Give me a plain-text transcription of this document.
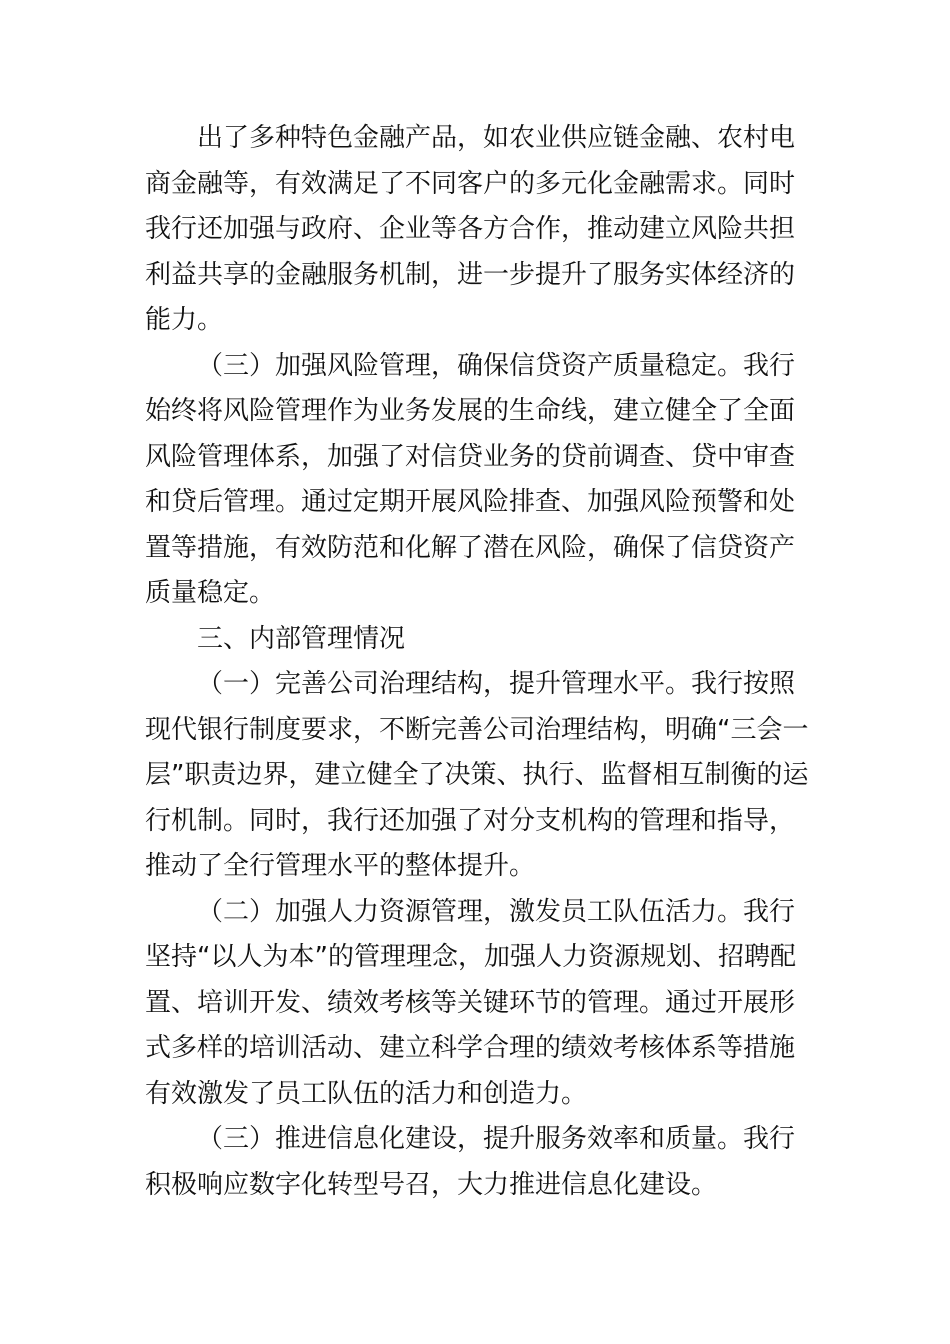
出了多种特色金融产品，如农业供应链金融、农村电
商金融等，有效满足了不同客户的多元化金融需求。同时
我行还加强与政府、企业等各方合作，推动建立风险共担
利益共享的金融服务机制，进一步提升了服务实体经济的
能力。
（三）加强风险管理，确保信贷资产质量稳定。我行
始终将风险管理作为业务发展的生命线，建立健全了全面
风险管理体系，加强了对信贷业务的贷前调查、贷中审查
和贷后管理。通过定期开展风险排查、加强风险预警和处
置等措施，有效防范和化解了潜在风险，确保了信贷资产
质量稳定。
三、内部管理情况
（一）完善公司治理结构，提升管理水平。我行按照
现代银行制度要求，不断完善公司治理结构，明确“三会一
层”职责边界，建立健全了决策、执行、监督相互制衡的运
行机制。同时，我行还加强了对分支机构的管理和指导，
推动了全行管理水平的整体提升。
（二）加强人力资源管理，激发员工队伍活力。我行
坚持“以人为本”的管理理念，加强人力资源规划、招聘配
置、培训开发、绩效考核等关键环节的管理。通过开展形
式多样的培训活动、建立科学合理的绩效考核体系等措施
有效激发了员工队伍的活力和创造力。
（三）推进信息化建设，提升服务效率和质量。我行
积极响应数字化转型号召，大力推进信息化建设。
